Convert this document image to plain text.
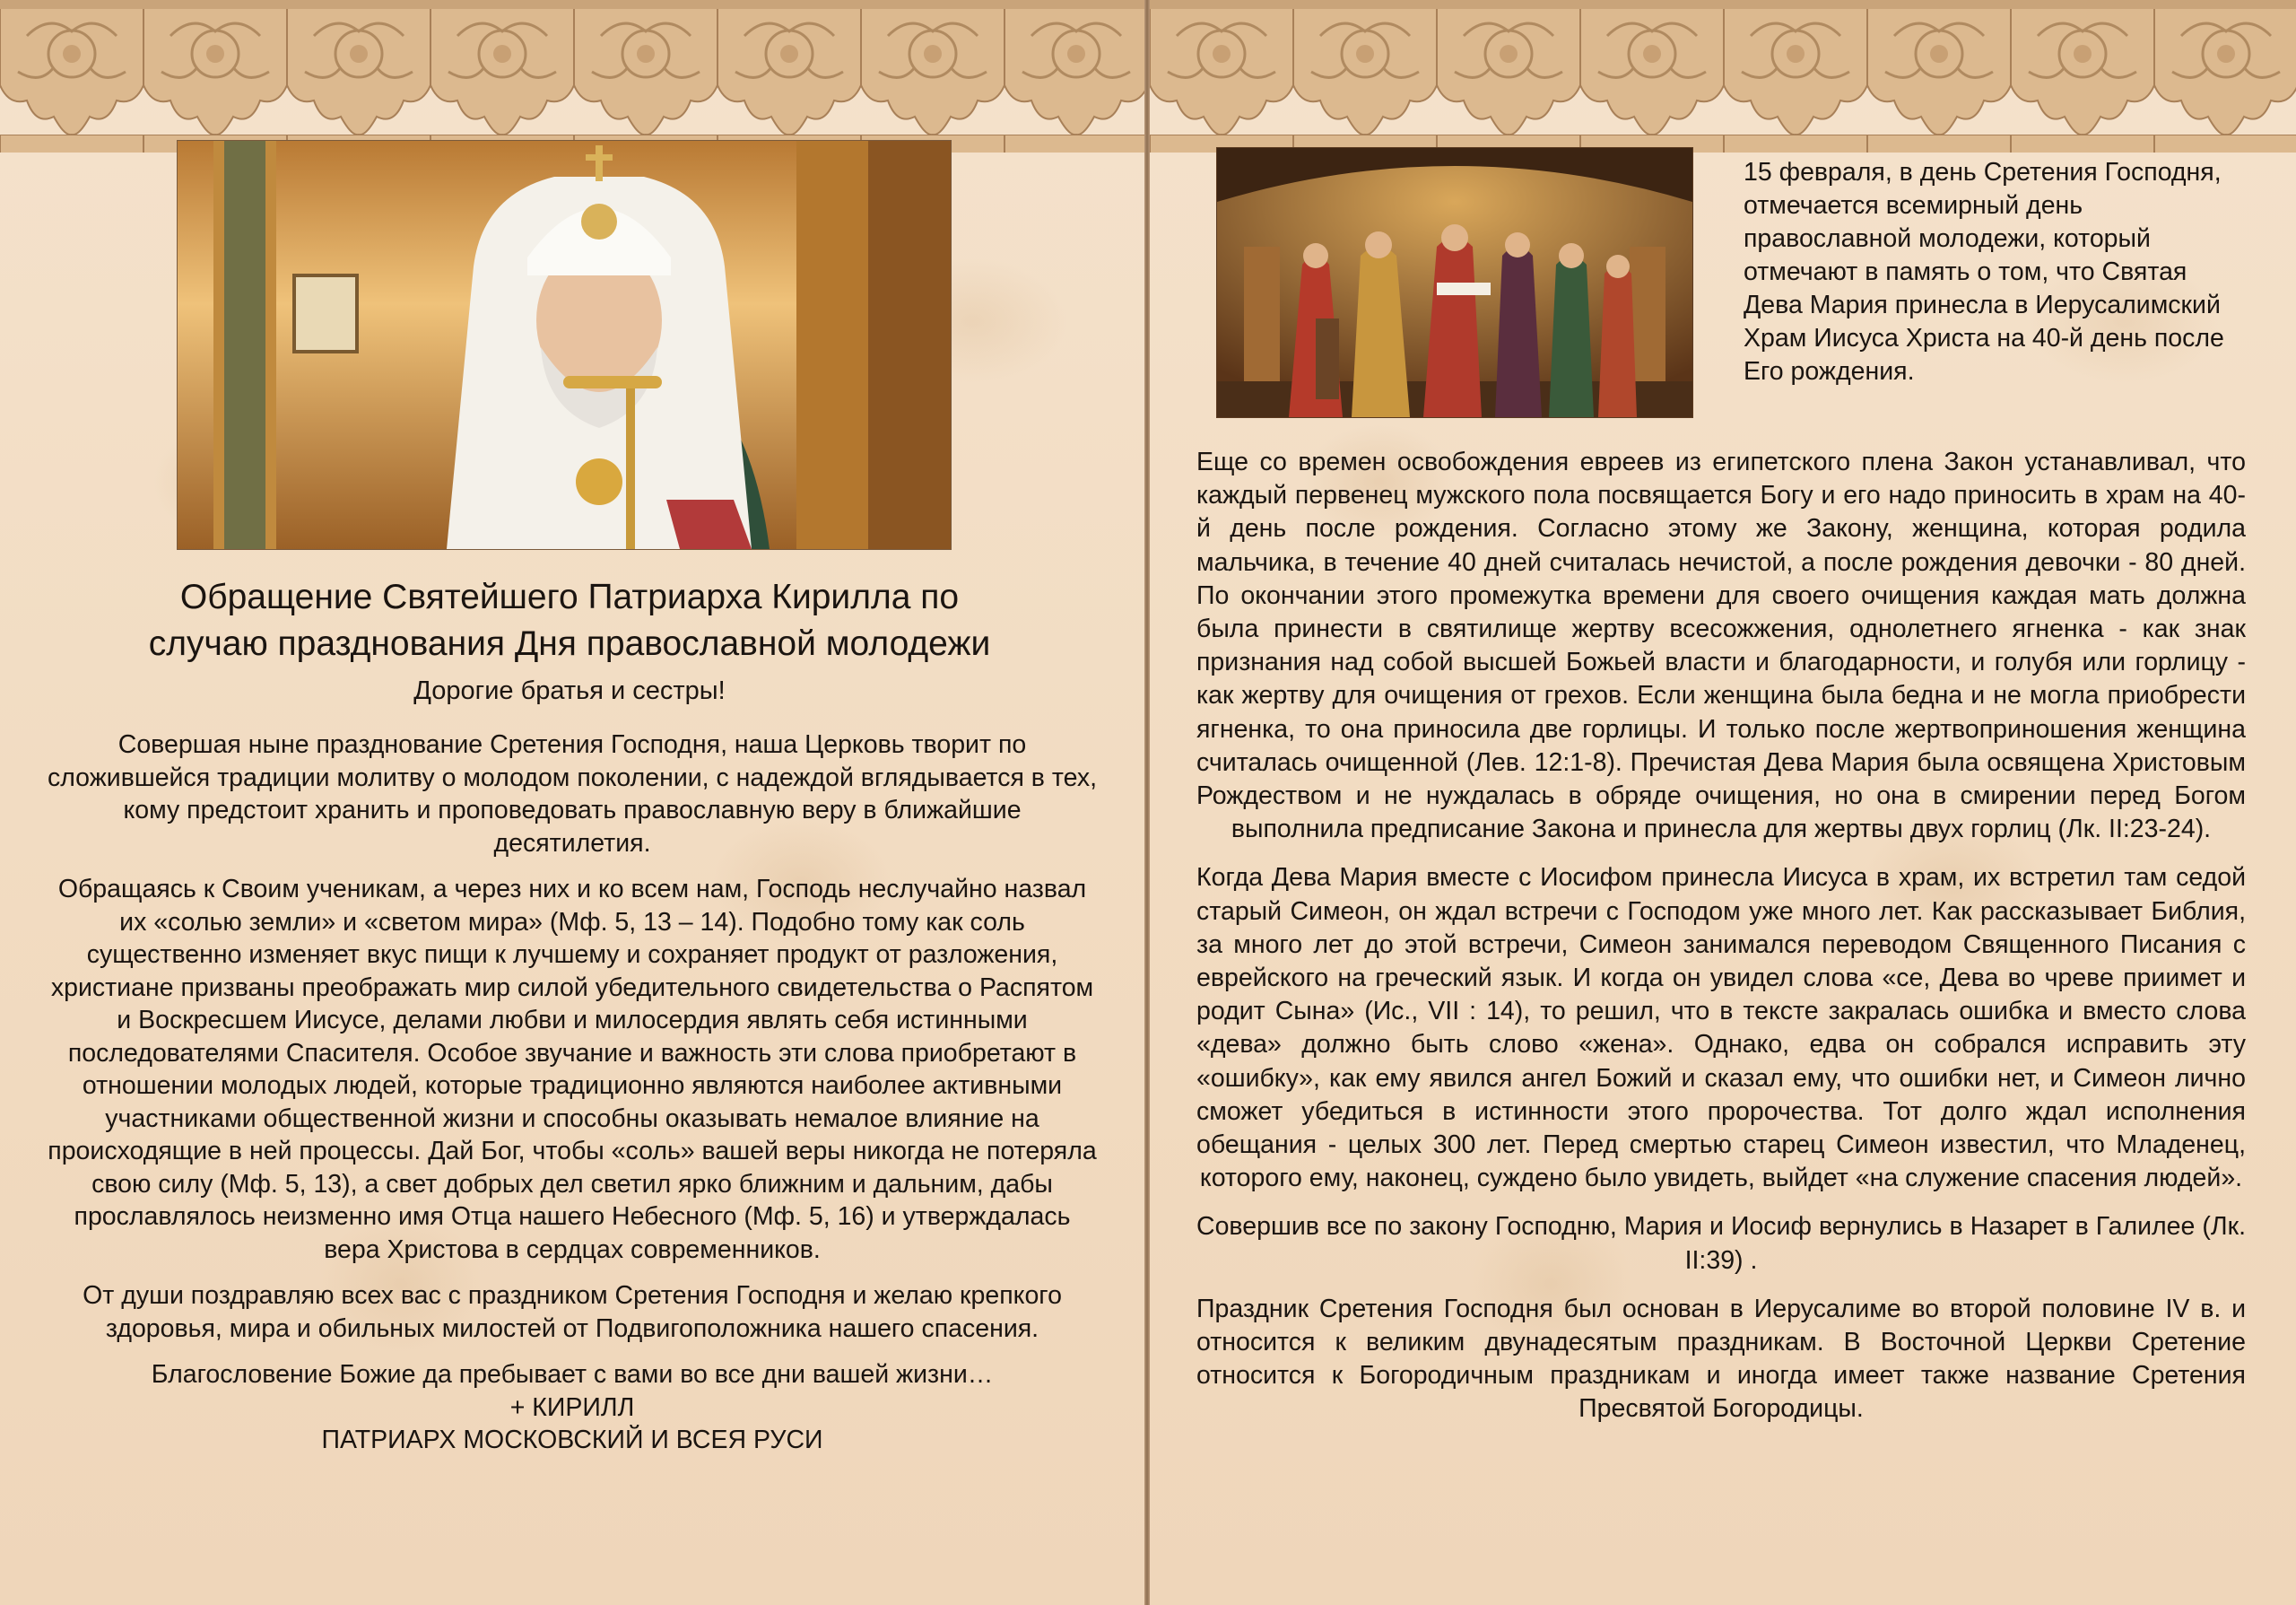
Обращение Святейшего Патриарха Кирилла по
случаю празднования Дня православной молодежи

Дорогие братья и сестры!

Совершая ныне празднование Сретения Господня, наша Церковь творит по сложившейся традиции молитву о молодом поколении, с надеждой вглядывается в тех, кому предстоит хранить и проповедовать православную веру в ближайшие десятилетия.

Обращаясь к Своим ученикам, а через них и ко всем нам, Господь неслучайно назвал их «солью земли» и «светом мира» (Мф. 5, 13 – 14). Подобно тому как соль существенно изменяет вкус пищи к лучшему и сохраняет продукт от разложения, христиане призваны преображать мир силой убедительного свидетельства о Распятом и Воскресшем Иисусе, делами любви и милосердия являть себя истинными последователями Спасителя. Особое звучание и важность эти слова приобретают в отношении молодых людей, которые традиционно являются наиболее активными участниками общественной жизни и способны оказывать немалое влияние на происходящие в ней процессы. Дай Бог, чтобы «соль» вашей веры никогда не потеряла свою силу (Мф. 5, 13), а свет добрых дел светил ярко ближним и дальним, дабы прославлялось неизменно имя Отца нашего Небесного (Мф. 5, 16) и утверждалась вера Христова в сердцах современников.

От души поздравляю всех вас с праздником Сретения Господня и желаю крепкого здоровья, мира и обильных милостей от Подвигоположника нашего спасения.

Благословение Божие да пребывает с вами во все дни вашей жизни…

+ КИРИЛЛ

ПАТРИАРХ МОСКОВСКИЙ И ВСЕЯ РУСИ

15 февраля, в день Сретения Господня, отмечается всемирный день православной молодежи, который отмечают в память о том, что Святая Дева Мария принесла в Иерусалимский Храм Иисуса Христа на 40-й день после Его рождения.

Еще со времен освобождения евреев из египетского плена Закон устанавливал, что каждый первенец мужского пола посвящается Богу и его надо приносить в храм на 40-й день после рождения. Согласно этому же Закону, женщина, которая родила мальчика, в течение 40 дней считалась нечистой, а после рождения девочки - 80 дней. По окончании этого промежутка времени для своего очищения каждая мать должна была принести в святилище жертву всесожжения, однолетнего ягненка - как знак признания над собой высшей Божьей власти и благодарности, и голубя или горлицу - как жертву для очищения от грехов. Если женщина была бедна и не могла приобрести ягненка, то она приносила две горлицы. И только после жертвоприношения женщина считалась очищенной (Лев. 12:1-8). Пречистая Дева Мария была освящена Христовым Рождеством и не нуждалась в обряде очищения, но она в смирении перед Богом выполнила предписание Закона и принесла для жертвы двух горлиц (Лк. II:23-24).

Когда Дева Мария вместе с Иосифом принесла Иисуса в храм, их встретил там седой старый Симеон, он ждал встречи с Господом уже много лет. Как рассказывает Библия, за много лет до этой встречи, Симеон занимался переводом Священного Писания с еврейского на греческий язык. И когда он увидел слова «се, Дева во чреве приимет и родит Сына» (Ис., VII : 14), то решил, что в тексте закралась ошибка и вместо слова «дева» должно быть слово «жена». Однако, едва он собрался исправить эту «ошибку», как ему явился ангел Божий и сказал ему, что ошибки нет, и Симеон лично сможет убедиться в истинности этого пророчества. Тот долго ждал исполнения обещания - целых 300 лет. Перед смертью старец Симеон известил, что Младенец, которого ему, наконец, суждено было увидеть, выйдет «на служение спасения людей».

Совершив все по закону Господню, Мария и Иосиф вернулись в Назарет в Галилее (Лк. II:39) .

Праздник Сретения Господня был основан в Иерусалиме во второй половине IV в. и относится к великим двунадесятым праздникам. В Восточной Церкви Сретение относится к Богородичным праздникам и иногда имеет также название Сретения Пресвятой Богородицы.
